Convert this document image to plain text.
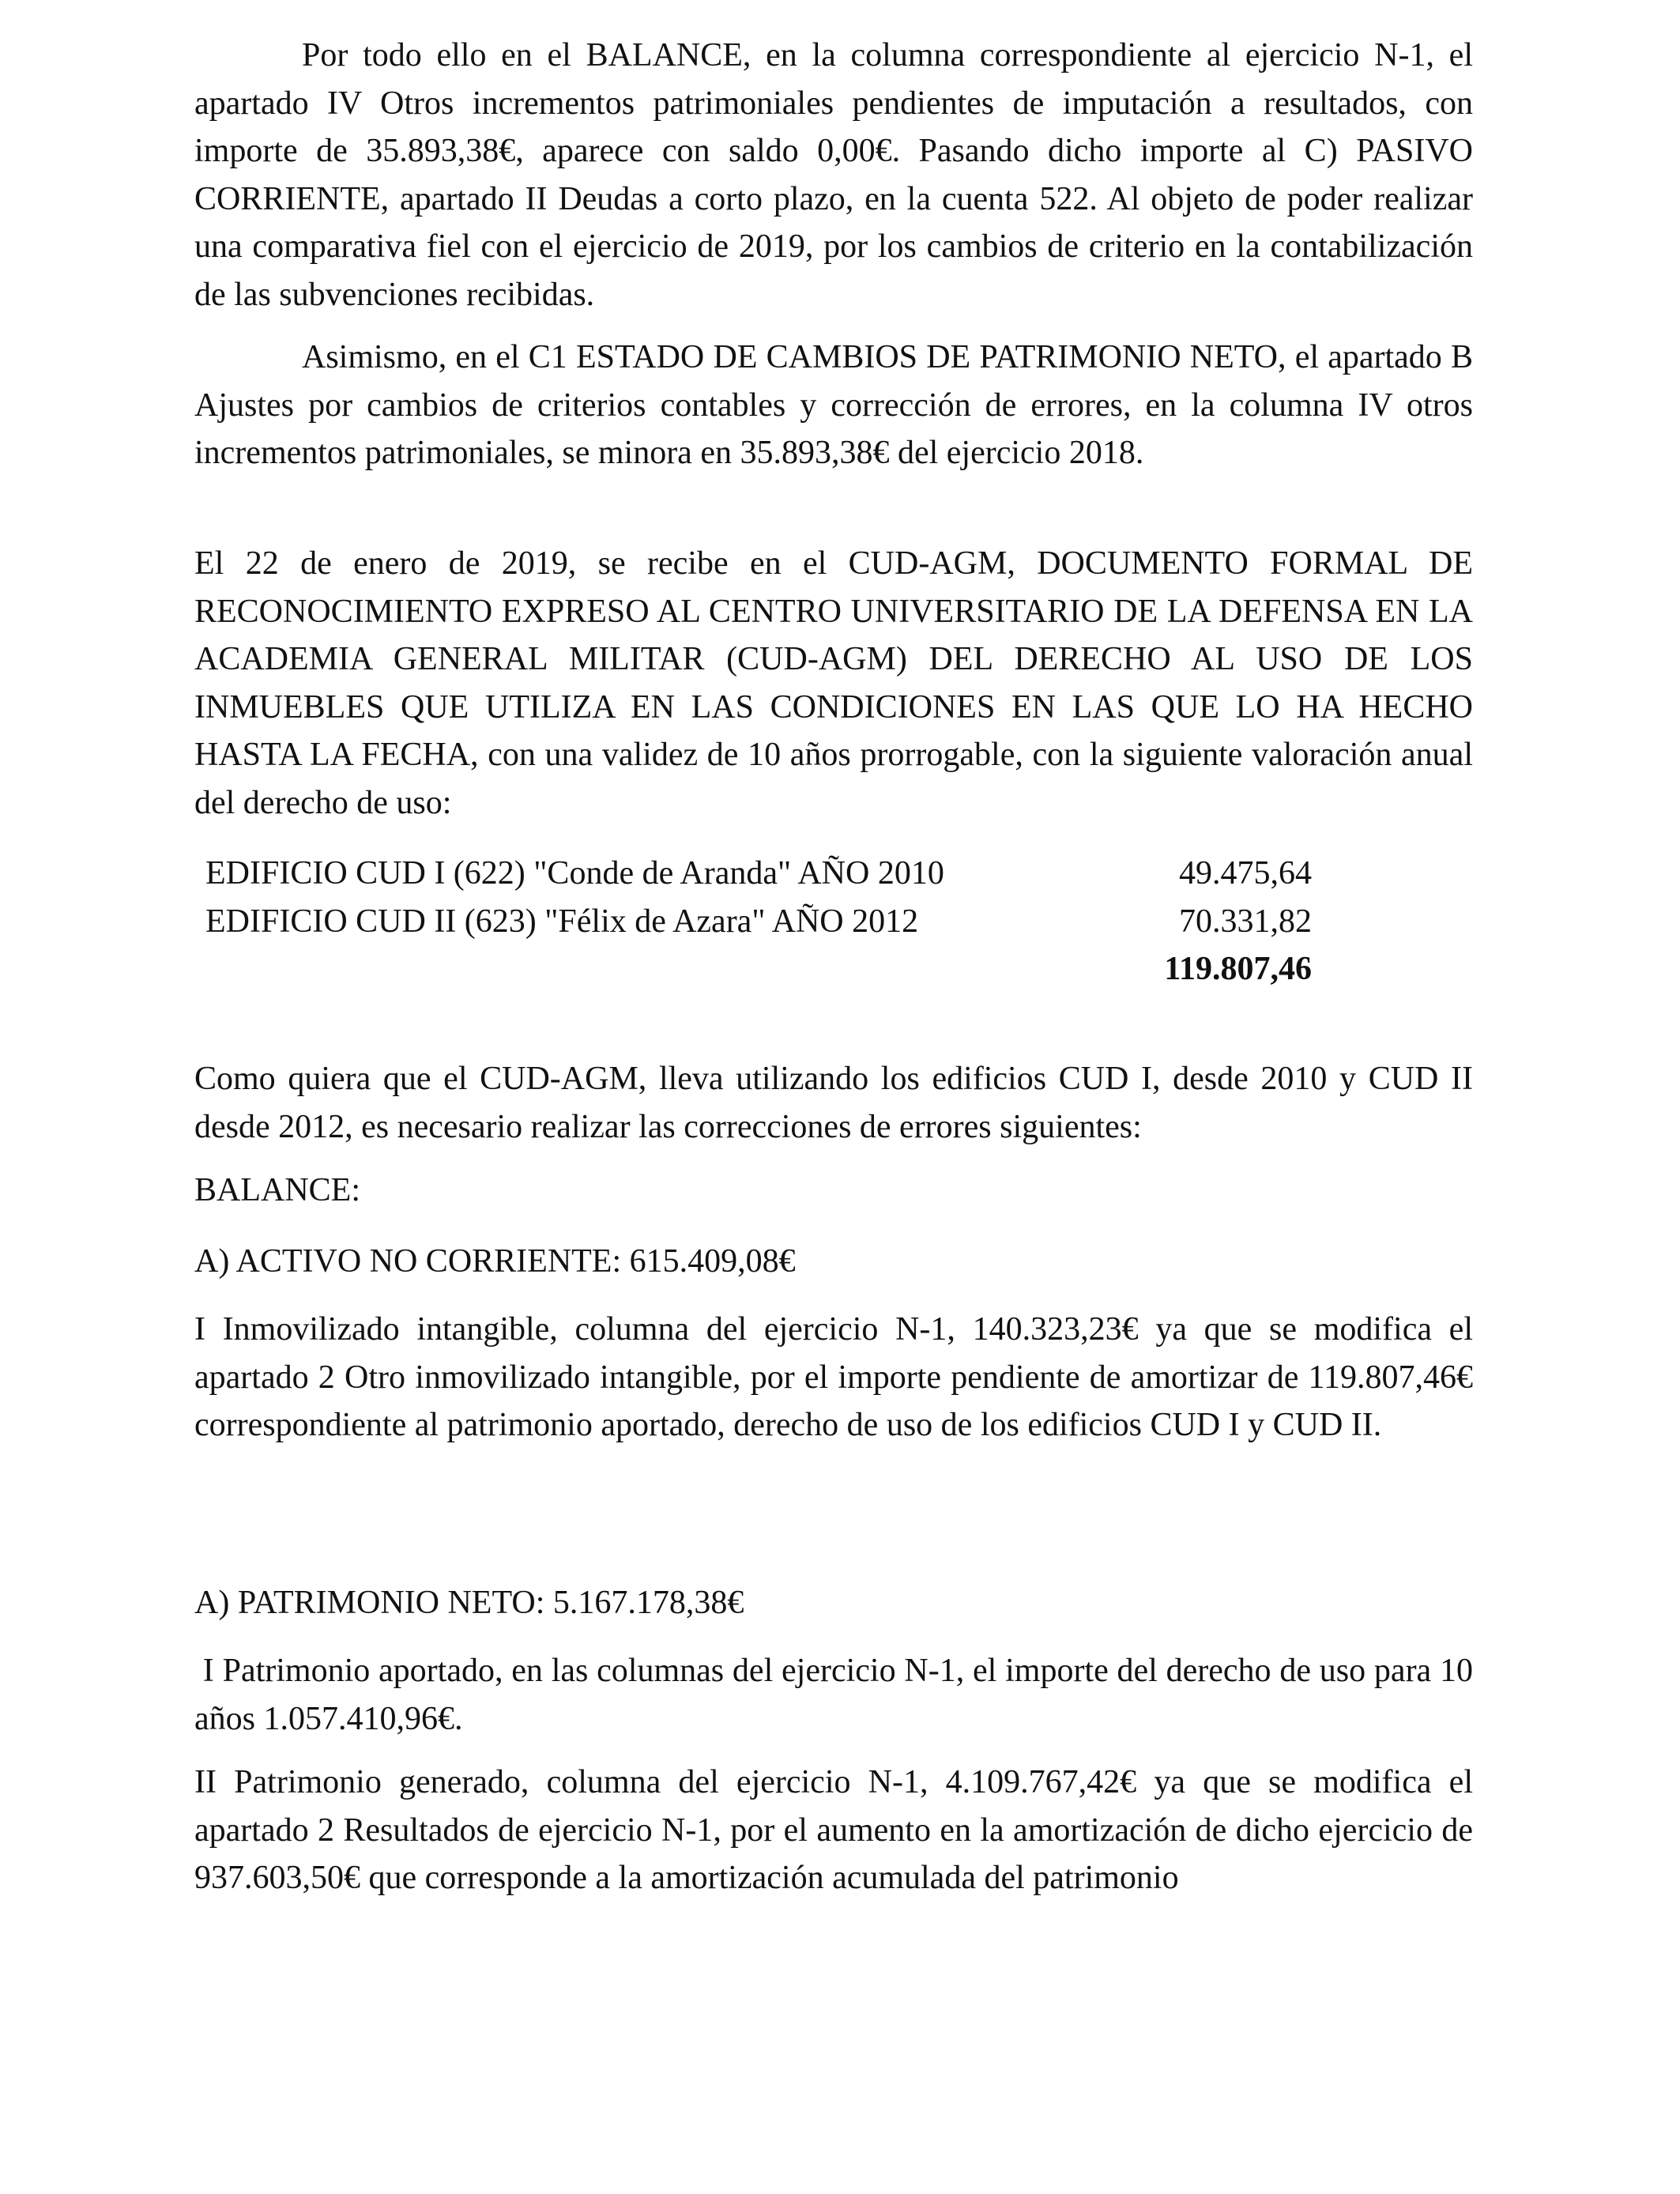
Por todo ello en el BALANCE, en la columna correspondiente al ejercicio N-1, el apartado IV Otros incrementos patrimoniales pendientes de imputación a resultados, con importe de 35.893,38€, aparece con saldo 0,00€. Pasando dicho importe al C) PASIVO CORRIENTE, apartado II Deudas a corto plazo, en la cuenta 522. Al objeto de poder realizar una comparativa fiel con el ejercicio de 2019, por los cambios de criterio en la contabilización de las subvenciones recibidas.

Asimismo, en el C1 ESTADO DE CAMBIOS DE PATRIMONIO NETO, el apartado B Ajustes por cambios de criterios contables y corrección de errores, en la columna IV otros incrementos patrimoniales, se minora en 35.893,38€ del ejercicio 2018.

El 22 de enero de 2019, se recibe en el CUD-AGM, DOCUMENTO FORMAL DE RECONOCIMIENTO EXPRESO AL CENTRO UNIVERSITARIO DE LA DEFENSA EN LA ACADEMIA GENERAL MILITAR (CUD-AGM) DEL DERECHO AL USO DE LOS INMUEBLES QUE UTILIZA EN LAS CONDICIONES EN LAS QUE LO HA HECHO HASTA LA FECHA, con una validez de 10 años prorrogable, con la siguiente valoración anual del derecho de uso:

EDIFICIO CUD I (622) "Conde de Aranda" AÑO 2010	49.475,64
EDIFICIO CUD II (623) "Félix de Azara" AÑO 2012	70.331,82
119.807,46

Como quiera que el CUD-AGM, lleva utilizando los edificios CUD I, desde 2010 y CUD II desde 2012, es necesario realizar las correcciones de errores siguientes:

BALANCE:

A) ACTIVO NO CORRIENTE: 615.409,08€

I Inmovilizado intangible, columna del ejercicio N-1, 140.323,23€ ya que se modifica el apartado 2 Otro inmovilizado intangible, por el importe pendiente de amortizar de 119.807,46€ correspondiente al patrimonio aportado, derecho de uso de los edificios CUD I y CUD II.

A) PATRIMONIO NETO: 5.167.178,38€

I Patrimonio aportado, en las columnas del ejercicio N-1, el importe del derecho de uso para 10 años 1.057.410,96€.

II Patrimonio generado, columna del ejercicio N-1, 4.109.767,42€ ya que se modifica el apartado 2 Resultados de ejercicio N-1, por el aumento en la amortización de dicho ejercicio de 937.603,50€ que corresponde a la amortización acumulada del patrimonio
